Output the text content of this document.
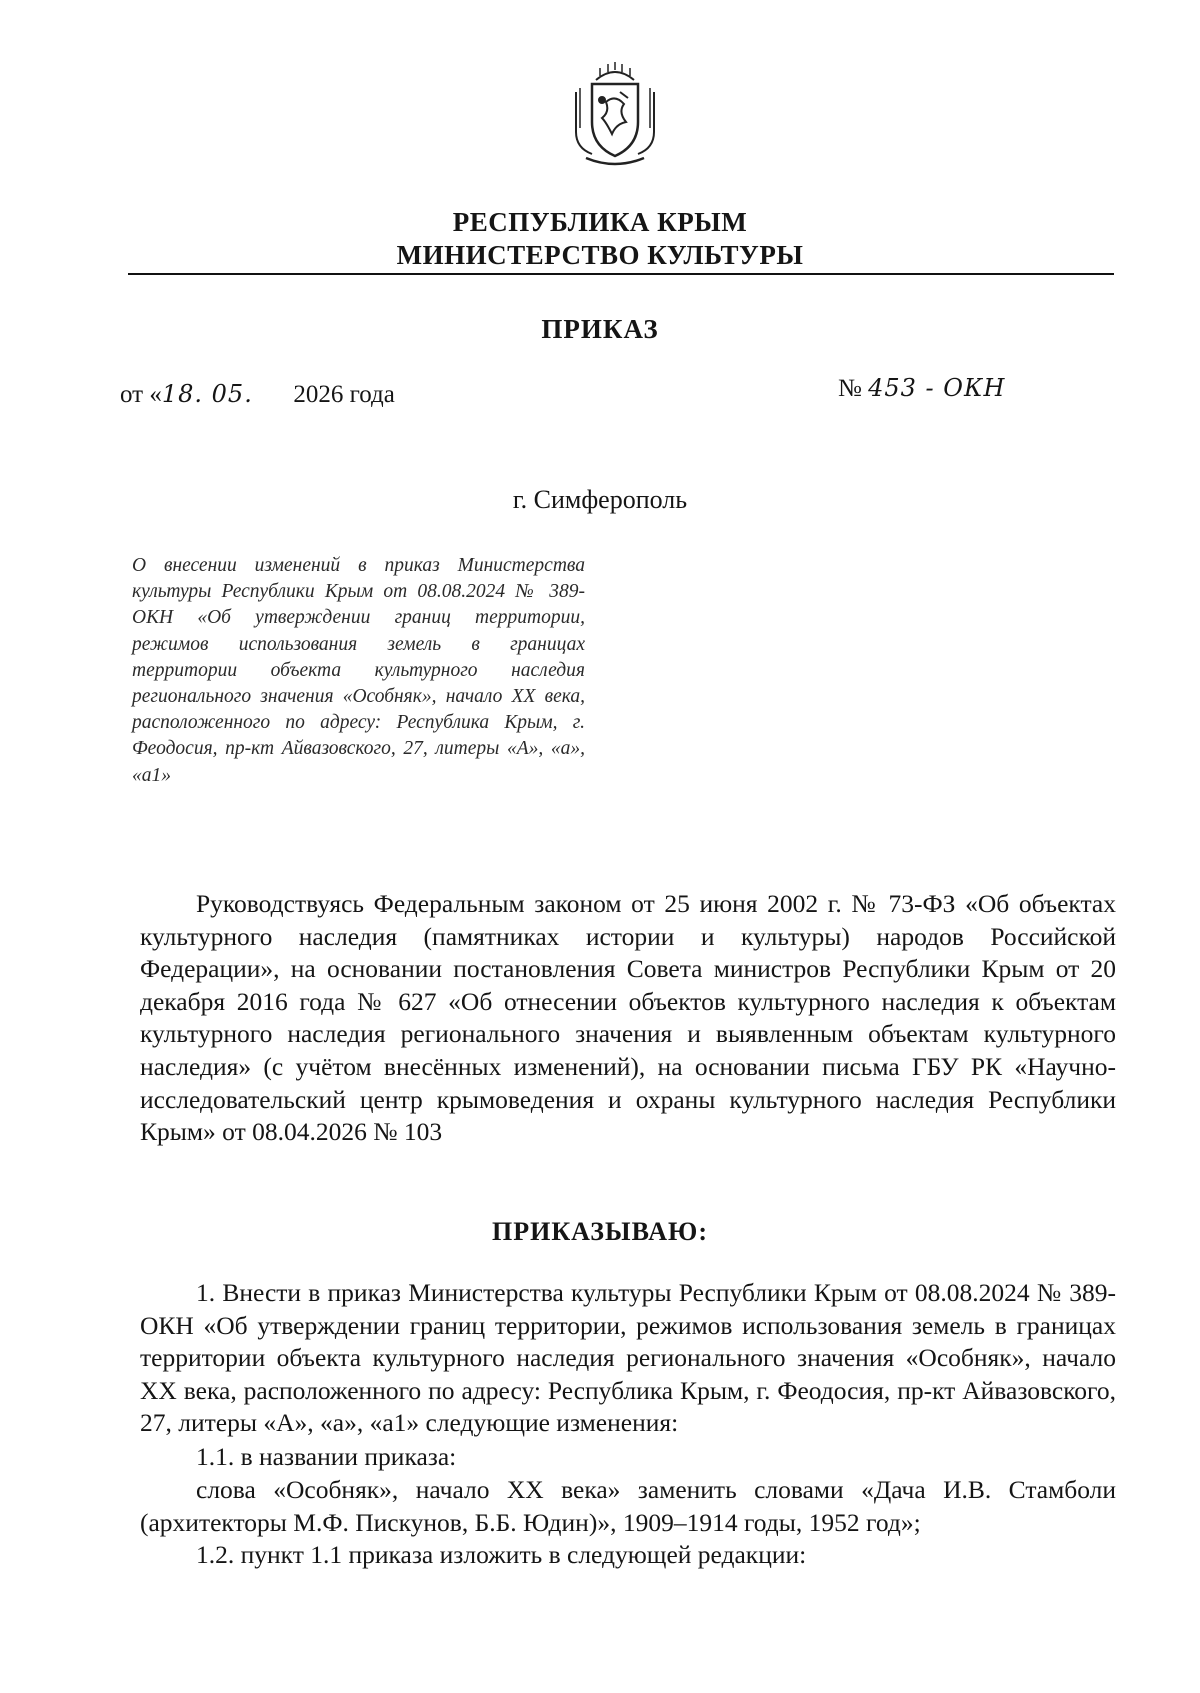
РЕСПУБЛИКА КРЫМ
МИНИСТЕРСТВО КУЛЬТУРЫ
ПРИКАЗ
от «18. 05. 2026 года	№ 453 - ОКН
г. Симферополь
О внесении изменений в приказ Министерства культуры Республики Крым от 08.08.2024 № 389-ОКН «Об утверждении границ территории, режимов использования земель в границах территории объекта культурного наследия регионального значения «Особняк», начало XX века, расположенного по адресу: Республика Крым, г. Феодосия, пр-кт Айвазовского, 27, литеры «А», «а», «а1»
Руководствуясь Федеральным законом от 25 июня 2002 г. № 73-ФЗ «Об объектах культурного наследия (памятниках истории и культуры) народов Российской Федерации», на основании постановления Совета министров Республики Крым от 20 декабря 2016 года № 627 «Об отнесении объектов культурного наследия к объектам культурного наследия регионального значения и выявленным объектам культурного наследия» (с учётом внесённых изменений), на основании письма ГБУ РК «Научно-исследовательский центр крымоведения и охраны культурного наследия Республики Крым» от 08.04.2026 № 103
ПРИКАЗЫВАЮ:
1. Внести в приказ Министерства культуры Республики Крым от 08.08.2024 № 389-ОКН «Об утверждении границ территории, режимов использования земель в границах территории объекта культурного наследия регионального значения «Особняк», начало XX века, расположенного по адресу: Республика Крым, г. Феодосия, пр-кт Айвазовского, 27, литеры «А», «а», «а1» следующие изменения:
1.1. в названии приказа:
слова «Особняк», начало XX века» заменить словами «Дача И.В. Стамболи (архитекторы М.Ф. Пискунов, Б.Б. Юдин)», 1909–1914 годы, 1952 год»;
1.2. пункт 1.1 приказа изложить в следующей редакции:
